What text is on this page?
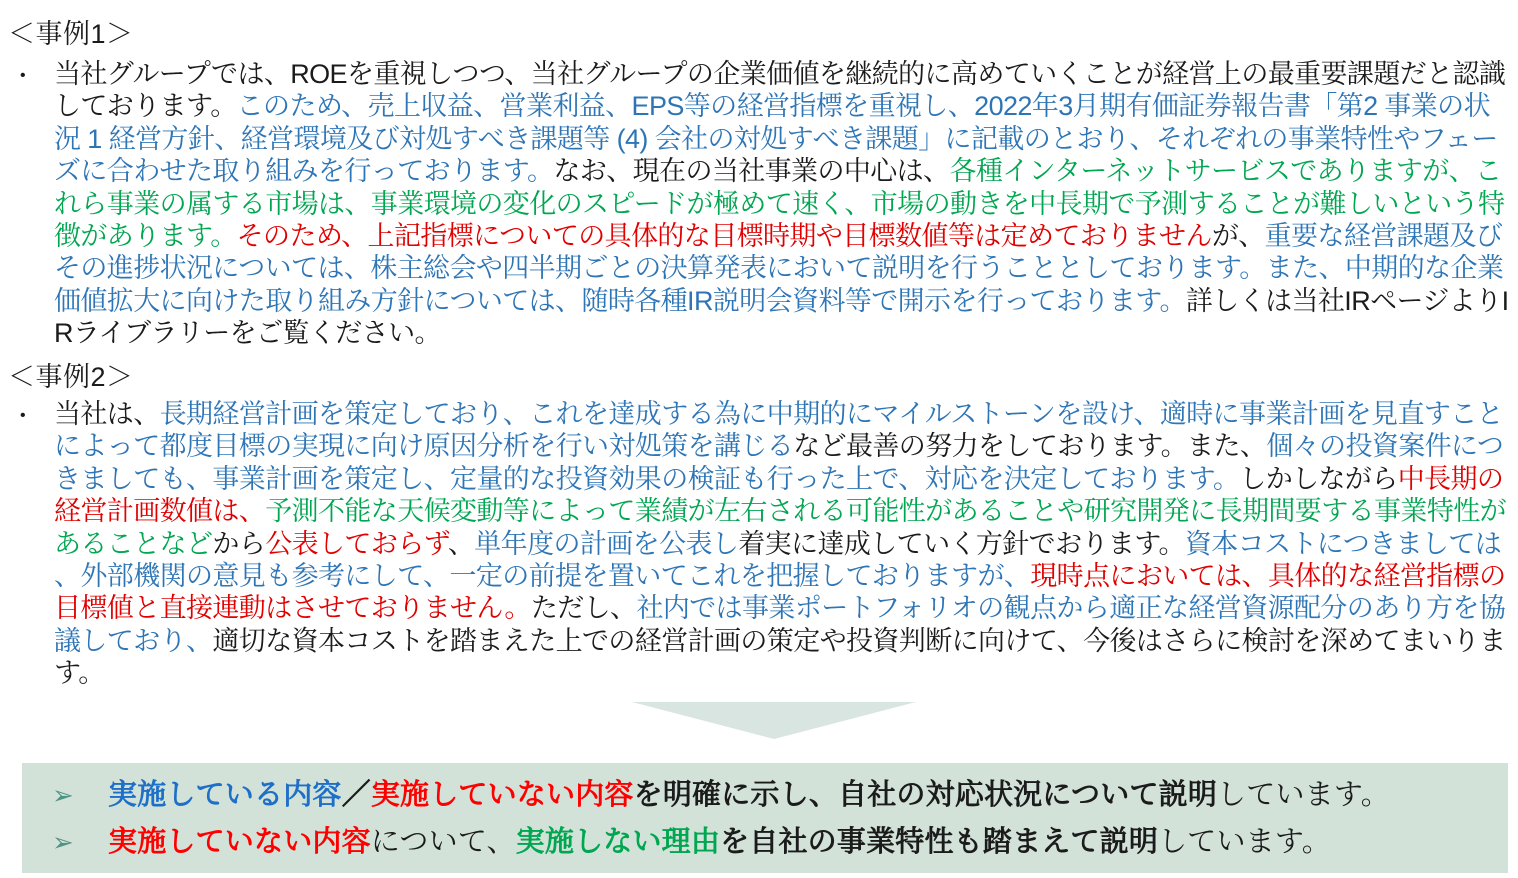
＜事例1＞
•	当社グループでは、ROEを重視しつつ、当社グループの企業価値を継続的に高めていくことが経営上の最重要課題だと認識しております。このため、売上収益、営業利益、EPS等の経営指標を重視し、2022年3月期有価証券報告書「第2 事業の状況 1 経営方針、経営環境及び対処すべき課題等 (4) 会社の対処すべき課題」に記載のとおり、それぞれの事業特性やフェーズに合わせた取り組みを行っております。なお、現在の当社事業の中心は、各種インターネットサービスでありますが、これら事業の属する市場は、事業環境の変化のスピードが極めて速く、市場の動きを中長期で予測することが難しいという特徴があります。そのため、上記指標についての具体的な目標時期や目標数値等は定めておりませんが、重要な経営課題及びその進捗状況については、株主総会や四半期ごとの決算発表において説明を行うこととしております。また、中期的な企業価値拡大に向けた取り組み方針については、随時各種IR説明会資料等で開示を行っております。詳しくは当社IRページよりIRライブラリーをご覧ください。
＜事例2＞
•	当社は、長期経営計画を策定しており、これを達成する為に中期的にマイルストーンを設け、適時に事業計画を見直すことによって都度目標の実現に向け原因分析を行い対処策を講じるなど最善の努力をしております。また、個々の投資案件につきましても、事業計画を策定し、定量的な投資効果の検証も行った上で、対応を決定しております。しかしながら中長期の経営計画数値は、予測不能な天候変動等によって業績が左右される可能性があることや研究開発に長期間要する事業特性があることなどから公表しておらず、単年度の計画を公表し着実に達成していく方針でおります。資本コストにつきましては、外部機関の意見も参考にして、一定の前提を置いてこれを把握しておりますが、現時点においては、具体的な経営指標の目標値と直接連動はさせておりません。ただし、社内では事業ポートフォリオの観点から適正な経営資源配分のあり方を協議しており、適切な資本コストを踏まえた上での経営計画の策定や投資判断に向けて、今後はさらに検討を深めてまいります。
➢	実施している内容／実施していない内容を明確に示し、自社の対応状況について説明しています。
➢	実施していない内容について、実施しない理由を自社の事業特性も踏まえて説明しています。
